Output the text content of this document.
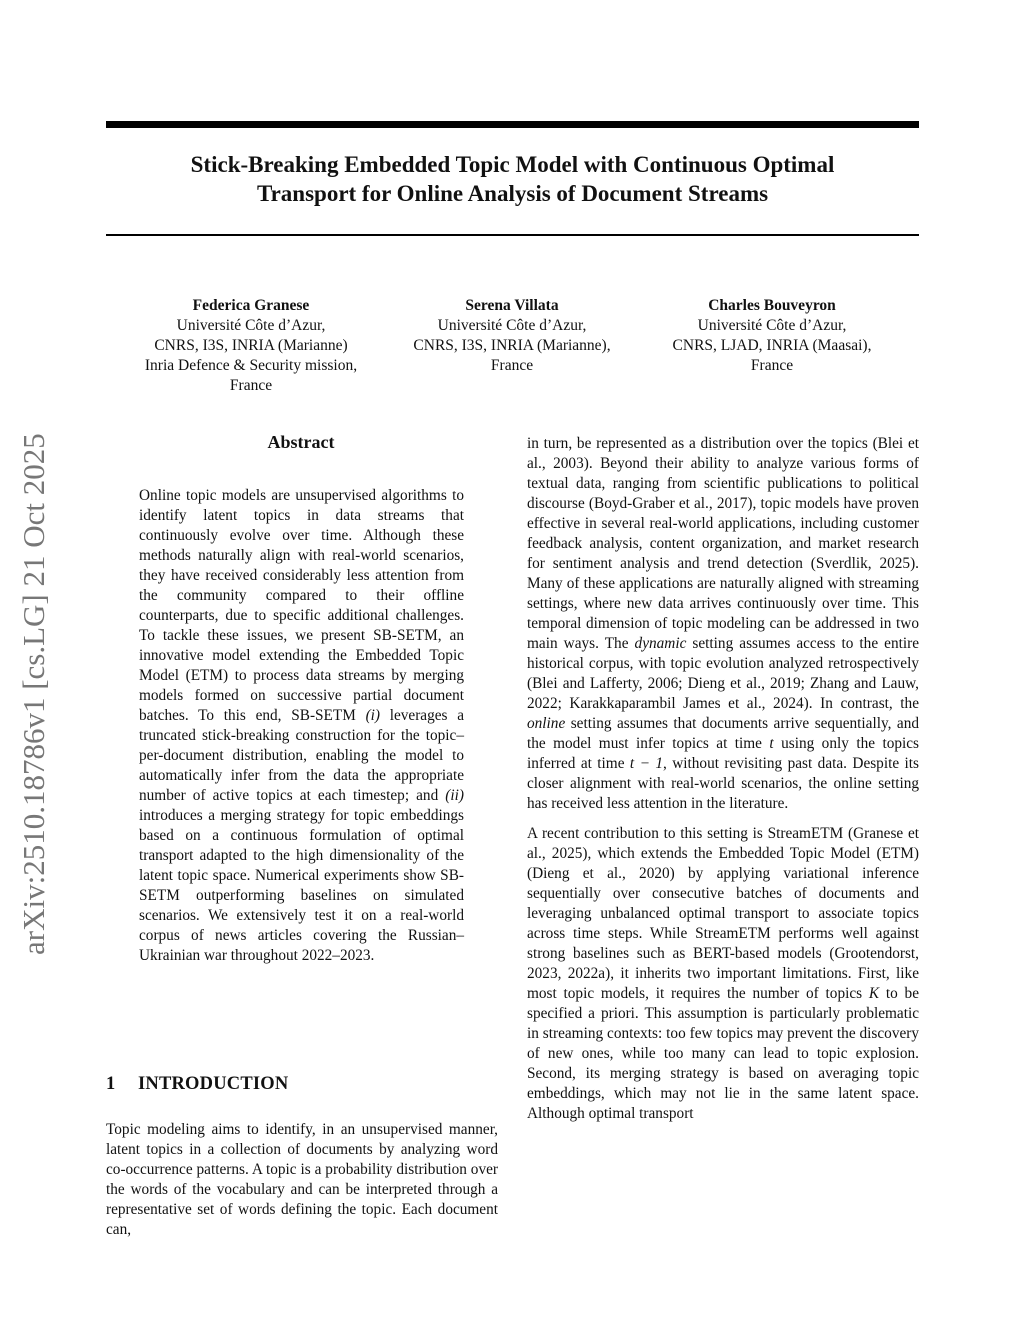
Stick-Breaking Embedded Topic Model with Continuous Optimal
Transport for Online Analysis of Document Streams
Federica Granese
Université Côte d’Azur,
CNRS, I3S, INRIA (Marianne)
Inria Defence & Security mission,
France
Serena Villata
Université Côte d’Azur,
CNRS, I3S, INRIA (Marianne),
France
Charles Bouveyron
Université Côte d’Azur,
CNRS, LJAD, INRIA (Maasai),
France
arXiv:2510.18786v1 [cs.LG] 21 Oct 2025	Abstract
Online topic models are unsupervised algorithms to identify latent topics in data streams that continuously evolve over time. Although these methods naturally align with real-world scenarios, they have received considerably less attention from the community compared to their offline counterparts, due to specific additional challenges. To tackle these issues, we present SB-SETM, an innovative model extending the Embedded Topic Model (ETM) to process data streams by merging models formed on successive partial document batches. To this end, SB-SETM (i) leverages a truncated stick-breaking construction for the topic–per-document distribution, enabling the model to automatically infer from the data the appropriate number of active topics at each timestep; and (ii) introduces a merging strategy for topic embeddings based on a continuous formulation of optimal transport adapted to the high dimensionality of the latent topic space. Numerical experiments show SB-SETM outperforming baselines on simulated scenarios. We extensively test it on a real-world corpus of news articles covering the Russian–Ukrainian war throughout 2022–2023.
1 INTRODUCTION
Topic modeling aims to identify, in an unsupervised manner, latent topics in a collection of documents by analyzing word co-occurrence patterns. A topic is a probability distribution over the words of the vocabulary and can be interpreted through a representative set of words defining the topic. Each document can,

in turn, be represented as a distribution over the topics (Blei et al., 2003). Beyond their ability to analyze various forms of textual data, ranging from scientific publications to political discourse (Boyd-Graber et al., 2017), topic models have proven effective in several real-world applications, including customer feedback analysis, content organization, and market research for sentiment analysis and trend detection (Sverdlik, 2025). Many of these applications are naturally aligned with streaming settings, where new data arrives continuously over time. This temporal dimension of topic modeling can be addressed in two main ways. The dynamic setting assumes access to the entire historical corpus, with topic evolution analyzed retrospectively (Blei and Lafferty, 2006; Dieng et al., 2019; Zhang and Lauw, 2022; Karakkaparambil James et al., 2024). In contrast, the online setting assumes that documents arrive sequentially, and the model must infer topics at time t using only the topics inferred at time t − 1, without revisiting past data. Despite its closer alignment with real-world scenarios, the online setting has received less attention in the literature.

A recent contribution to this setting is StreamETM (Granese et al., 2025), which extends the Embedded Topic Model (ETM) (Dieng et al., 2020) by applying variational inference sequentially over consecutive batches of documents and leveraging unbalanced optimal transport to associate topics across time steps. While StreamETM performs well against strong baselines such as BERT-based models (Grootendorst, 2023, 2022a), it inherits two important limitations. First, like most topic models, it requires the number of topics K to be specified a priori. This assumption is particularly problematic in streaming contexts: too few topics may prevent the discovery of new ones, while too many can lead to topic explosion. Second, its merging strategy is based on averaging topic embeddings, which may not lie in the same latent space. Although optimal transport
